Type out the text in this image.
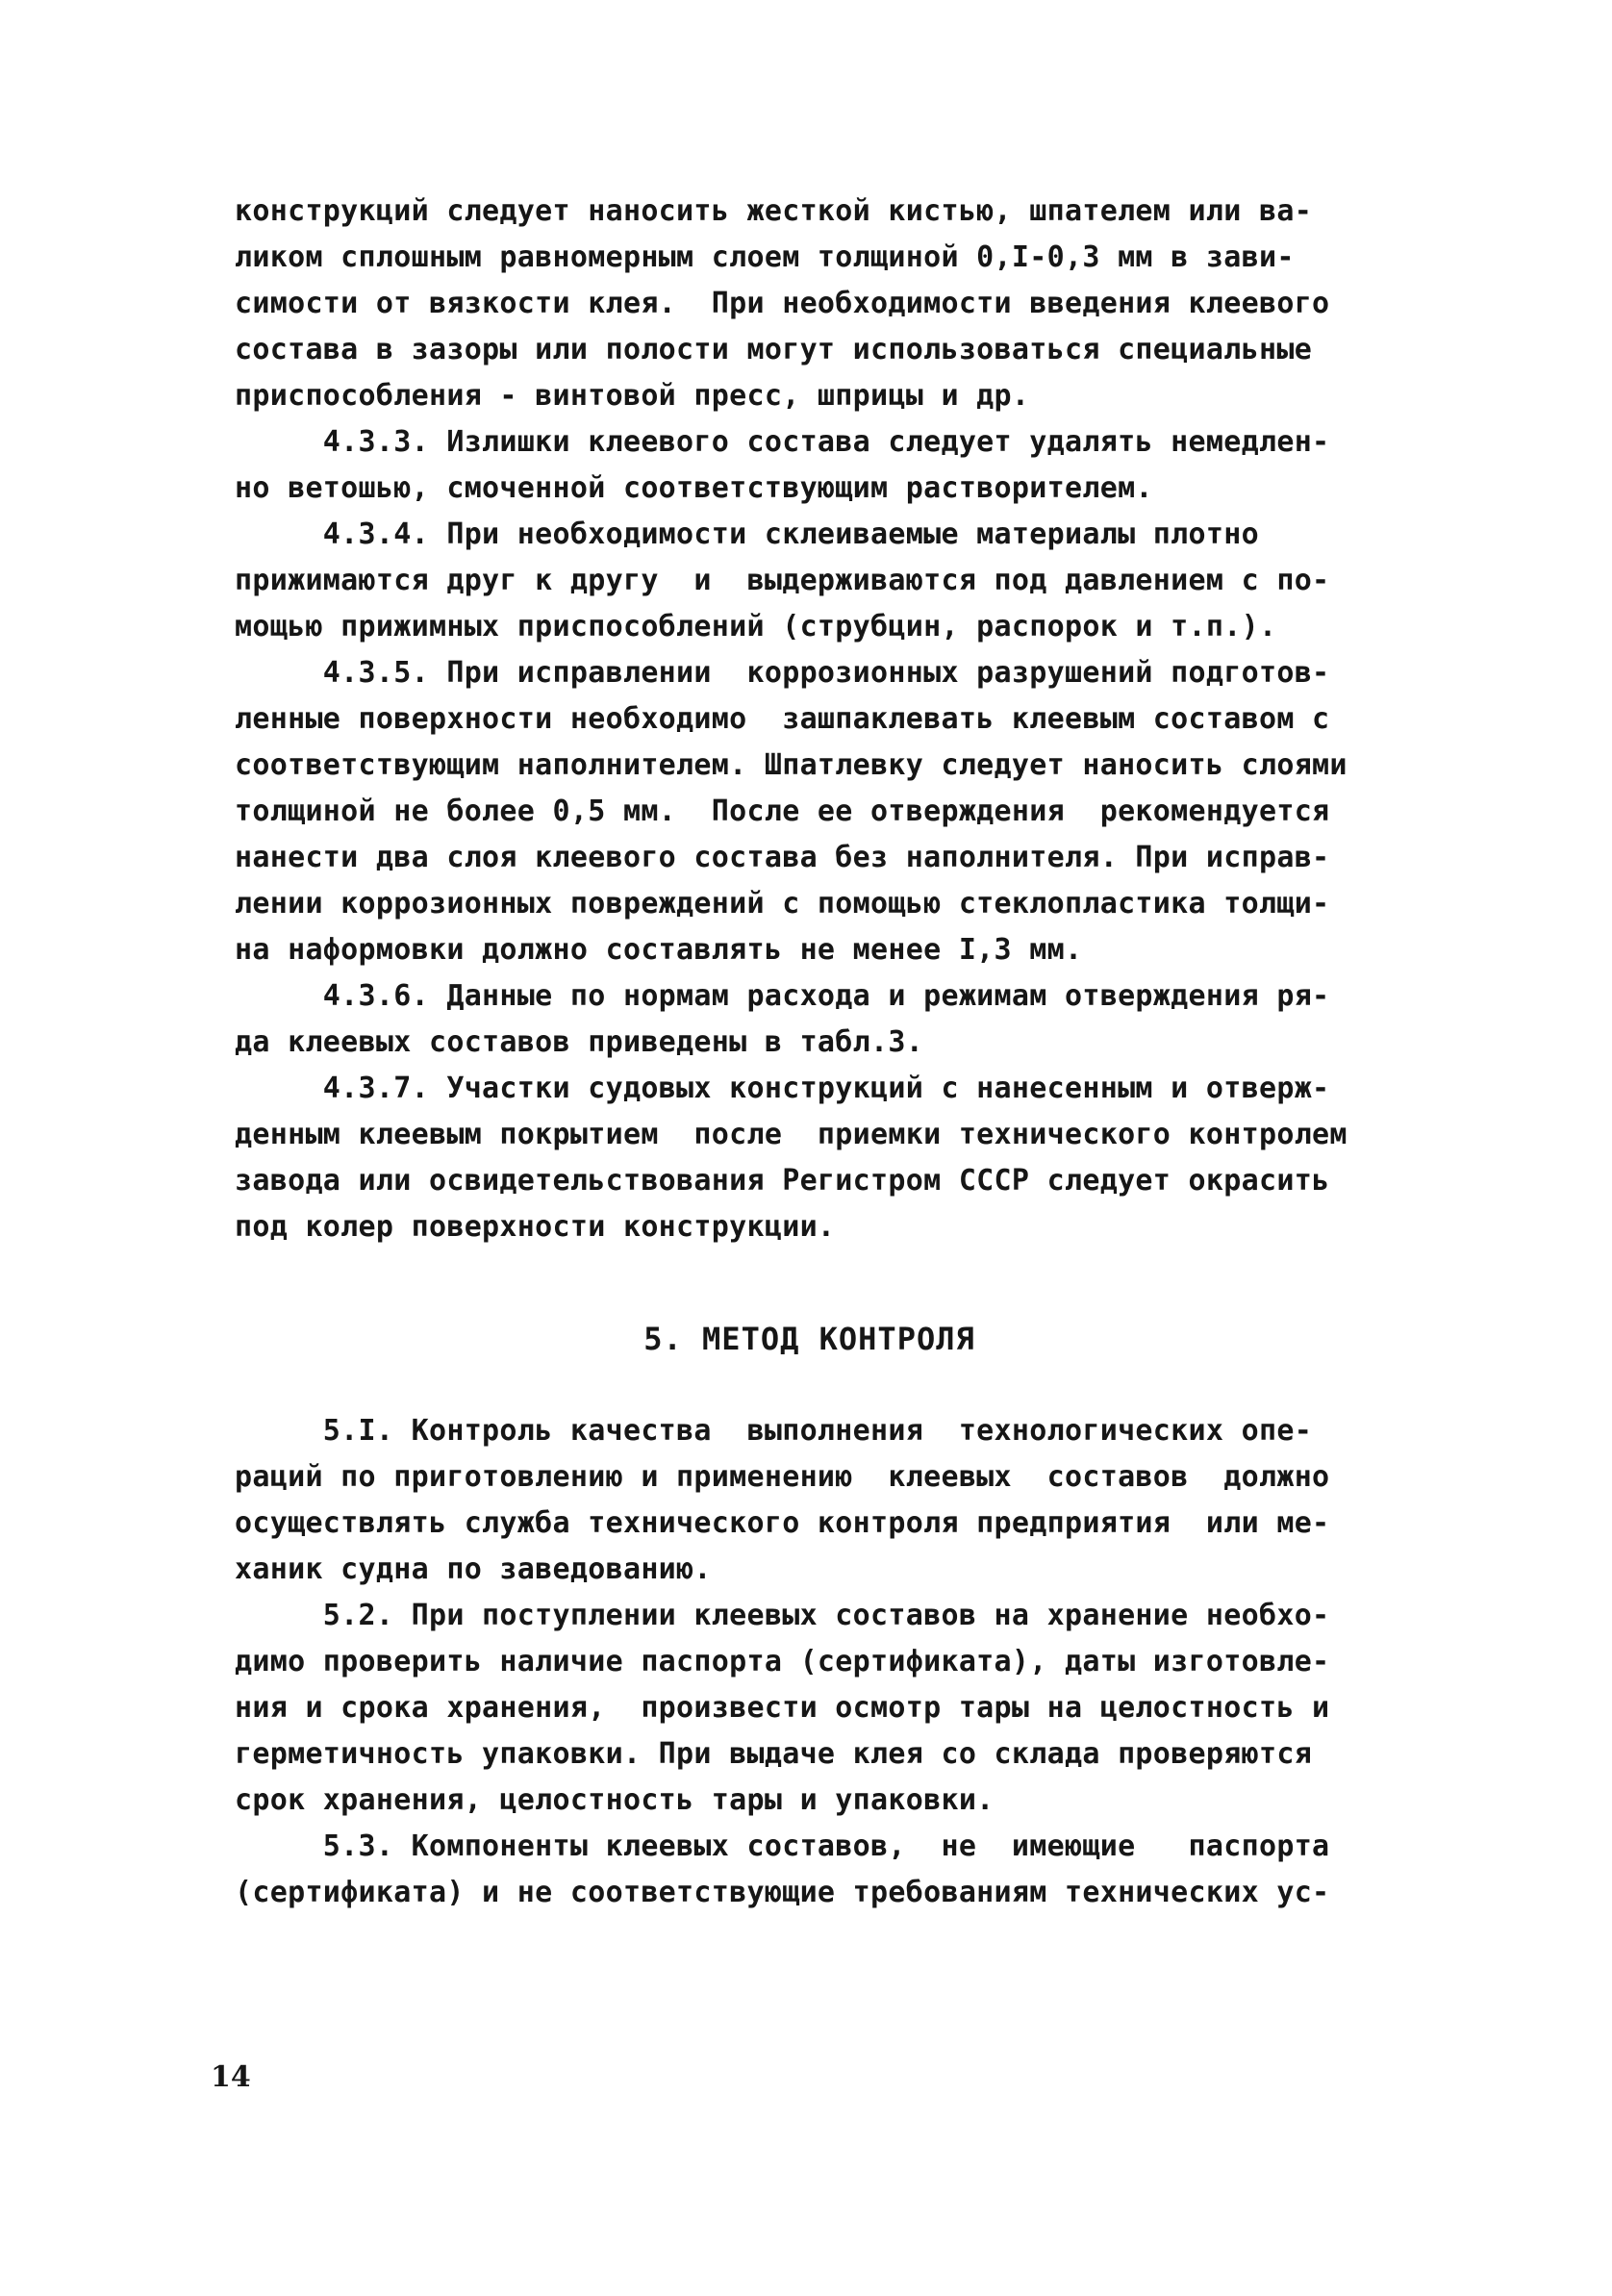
конструкций следует наносить жесткой кистью, шпателем или ва-
ликом сплошным равномерным слоем толщиной 0,I-0,3 мм в зави-
симости от вязкости клея.  При необходимости введения клеевого
состава в зазоры или полости могут использоваться специальные
приспособления - винтовой пресс, шприцы и др.
4.3.3. Излишки клеевого состава следует удалять немедлен-
но ветошью, смоченной соответствующим растворителем.
4.3.4. При необходимости склеиваемые материалы плотно
прижимаются друг к другу  и  выдерживаются под давлением с по-
мощью прижимных приспособлений (струбцин, распорок и т.п.).
4.3.5. При исправлении  коррозионных разрушений подготов-
ленные поверхности необходимо  зашпаклевать клеевым составом с
соответствующим наполнителем. Шпатлевку следует наносить слоями
толщиной не более 0,5 мм.  После ее отверждения  рекомендуется
нанести два слоя клеевого состава без наполнителя. При исправ-
лении коррозионных повреждений с помощью стеклопластика толщи-
на наформовки должно составлять не менее I,3 мм.
4.3.6. Данные по нормам расхода и режимам отверждения ря-
да клеевых составов приведены в табл.3.
4.3.7. Участки судовых конструкций с нанесенным и отверж-
денным клеевым покрытием  после  приемки технического контролем
завода или освидетельствования Регистром СССР следует окрасить
под колер поверхности конструкции.
5. МЕТОД КОНТРОЛЯ
5.I. Контроль качества  выполнения  технологических опе-
раций по приготовлению и применению  клеевых  составов  должно
осуществлять служба технического контроля предприятия  или ме-
ханик судна по заведованию.
5.2. При поступлении клеевых составов на хранение необхо-
димо проверить наличие паспорта (сертификата), даты изготовле-
ния и срока хранения,  произвести осмотр тары на целостность и
герметичность упаковки. При выдаче клея со склада проверяются
срок хранения, целостность тары и упаковки.
5.3. Компоненты клеевых составов,  не  имеющие   паспорта
(сертификата) и не соответствующие требованиям технических ус-
14
